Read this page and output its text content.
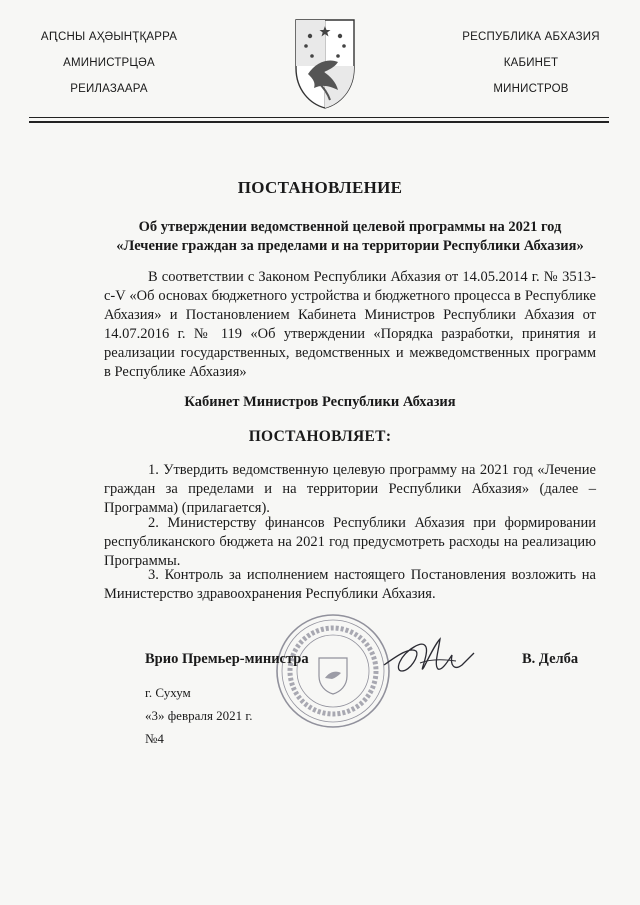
АԤСНЫ АҲӘЫНҬҚАРРА
АМИНИСТРЦӘА
РЕИЛАЗААРА
РЕСПУБЛИКА АБХАЗИЯ
КАБИНЕТ
МИНИСТРОВ
ПОСТАНОВЛЕНИЕ
Об утверждении ведомственной целевой программы на 2021 год
«Лечение граждан за пределами и на территории Республики Абхазия»
В соответствии с Законом Республики Абхазия от 14.05.2014 г. № 3513-с-V «Об основах бюджетного устройства и бюджетного процесса в Республике Абхазия» и Постановлением Кабинета Министров Республики Абхазия от 14.07.2016 г. № 119 «Об утверждении «Порядка разработки, принятия и реализации государственных, ведомственных и межведомственных программ в Республике Абхазия»
Кабинет Министров Республики Абхазия
ПОСТАНОВЛЯЕТ:
1. Утвердить ведомственную целевую программу на 2021 год «Лечение граждан за пределами и на территории Республики Абхазия» (далее – Программа) (прилагается).
2. Министерству финансов Республики Абхазия при формировании республиканского бюджета на 2021 год предусмотреть расходы на реализацию Программы.
3. Контроль за исполнением настоящего Постановления возложить на Министерство здравоохранения Республики Абхазия.
Врио Премьер-министра	В. Делба
г. Сухум
«3» февраля 2021 г.
№4
